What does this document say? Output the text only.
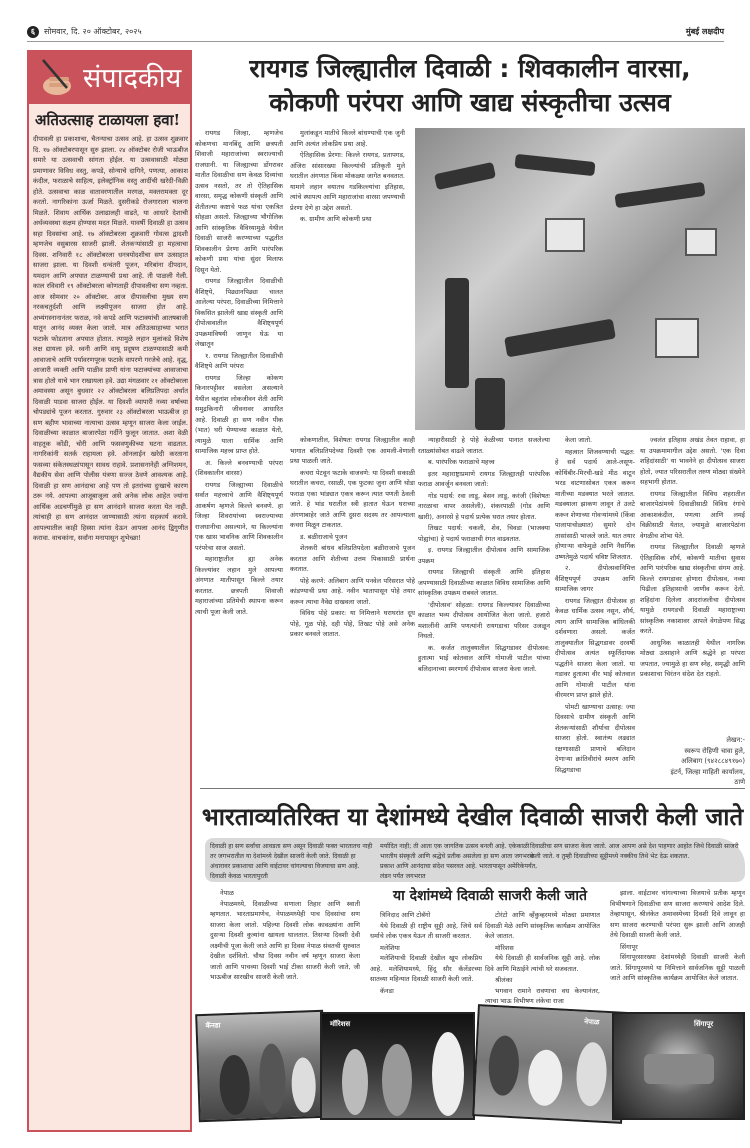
६	सोमवार, दि. २० ऑक्टोबर, २०२५	मुंबई लक्षदीप
संपादकीय
अतिउत्साह टाळायला हवा!
दीपावली हा प्रकाशाचा, चैतन्याचा उत्सव आहे. हा उत्सव शुक्रवार दि. १७ ऑक्टोबरपासून सुरु झाला. २४ ऑक्टोबर रोजी भाऊबीज समारे या उत्सवाची सांगता होईल. या उत्सवासाठी मोठ्या प्रमाणावर विविध वस्तु, कपडे, सोन्याचे दागिने, पणत्या, आकाश कंदील, फराळाचे साहित्य, इलेक्ट्रॉनिक वस्तु आदींची खरेदी-विक्री होते. उत्सवाचा काळ वातावरणातील मरगळ, मक्तरामक्ता दूर करतो. नागरिकांना ऊर्जा मिळते. दुसरीकडे रोजगाराला चालना मिळते. शिवाय आर्थिक उलाढालही वाढते, या आधारे देशाची अर्थव्यवस्था सक्षम होण्यास मदत मिळते. यावर्षी दिवाळी हा उत्सव सहा दिवसांचा आहे. १७ ऑक्टोबरला शुक्रवारी गोवत्स द्वादशी म्हणजेच वसुबारस साजरी झाली. शेतकऱ्यांसाठी हा महत्वाचा दिवस. शनिवारी १८ ऑक्टोबरला धनत्रयोदशीचा सण उत्साहात साजरा झाला. या दिवशी धन्वंतरी पूजन, मरिबांना दीपदान, यमदान आणि अपघात टाळण्याची प्रथा आहे. ती पाळली गेली. काल रविवारी १९ ऑक्टोबरला कोणताही दीपावलीचा सण नव्हता. आज सोमवार २० ऑक्टोबर. आज दीपावलीचा मुख्य सण नरकचतुर्दशी आणि लक्ष्मीपूजन साजरा होत आहे. अभ्यंगस्नानानंतर फराळ, नवे कपडे आणि फटाक्यांची आतषबाजी यातून आनंद व्यक्त केला जातो. मात्र अतिउत्साहाच्या भरात फटाके फोडताना अपघात होतात. त्यामुळे लहान मुलांकडे विशेष लक्ष द्यायला हवे. ध्वनी आणि वायू प्रदूषण टाळण्यासाठी कमी आवाजाचे आणि पर्यावरणपूरक फटाके वापरणे गरजेचे आहे. वृद्ध, आजारी व्यक्ती आणि पाळीव प्राणी यांना फटाक्यांच्या आवाजाचा त्रास होतो याचे भान राखायला हवे. उद्या मंगळवार २१ ऑक्टोबरला अमावस्या असून बुधवार २२ ऑक्टोबरला बलिप्रतिपदा अर्थात दिवाळी पाडवा साजरा होईल. या दिवशी व्यापारी नव्या वर्षाच्या चोपड्यांचे पूजन करतात. गुरुवार २३ ऑक्टोबरला भाऊबीज हा सण बहीण भावाच्या नात्याचा उत्सव म्हणून साजरा केला जाईल. दिवाळीच्या काळात बाजारपेठा गर्दीने फुलून जातात. अशा वेळी वाहतूक कोंडी, चोरी आणि फसवणुकीच्या घटना वाढतात. नागरिकांनी सतर्क राहायला हवे. ऑनलाईन खरेदी करताना फसव्या संकेतस्थळांपासून सावध राहावे. प्रशासनानेही अग्निशमन, वैद्यकीय सेवा आणि पोलीस यंत्रणा सज्ज ठेवणे आवश्यक आहे. दिवाळी हा सण आनंदाचा आहे पण तो इतरांच्या दुःखाचे कारण ठरू नये. आपल्या आजूबाजूला असे अनेक लोक आहेत ज्यांना आर्थिक अडचणींमुळे हा सण आनंदाने साजरा करता येत नाही. त्यांचाही हा सण आनंदात जाण्यासाठी त्यांना सहकार्य करावे. आपल्यातील काही हिस्सा त्यांना देऊन आपला आनंद द्विगुणीत करावा. वाचकांना, सर्वांना मनापासून शुभेच्छा!
रायगड जिल्ह्यातील दिवाळी : शिवकालीन वारसा,
कोकणी परंपरा आणि खाद्य संस्कृतीचा उत्सव

रायगड जिल्हा, म्हणजेच कोकणचा मानबिंदू आणि छत्रपती शिवाजी महाराजांच्या स्वराज्याची राजधानी. या जिल्ह्याच्या डोंगरावर मातीत दिवाळीचा सण केवळ दिव्यांचा उत्सव नसतो, तर तो ऐतिहासिक वारसा, समृद्ध कोकणी संस्कृती आणि शेतीतल्या कष्टाचे फळ यांचा एकत्रित सोहळा असतो. जिल्ह्याच्या भौगोलिक आणि सांस्कृतिक वैविध्यामुळे येथील दिवाळी साजरी करण्याच्या पद्धतीत शिवकालीन प्रेरणा आणि पारंपरिक कोकणी प्रथा यांचा सुंदर मिलाफ दिसून येतो.

रायगड जिल्ह्यातील दिवाळीची वैशिष्ट्ये, पिढ्यानपिढ्या चालत आलेल्या परंपरा, दिवाळीच्या निमित्ताने विकसित झालेली खाद्य संस्कृती आणि दीपोत्सवातील वैशिष्ट्यपूर्ण उपक्रमांविषयी जाणून घेऊ या लेखातून

१. रायगड जिल्ह्यातील दिवाळीची वैशिष्ट्ये आणि परंपरा

रायगड जिल्हा कोकण किनारपट्टीवर वसलेला असल्याने येथील बहुतांश लोकजीवन शेती आणि समुद्रकिनारी जीवनावर आधारित आहे. दिवाळी हा सण नवीन पीक (भात) घरी येण्याच्या काळात येतो, त्यामुळे याला धार्मिक आणि सामाजिक महत्त्व प्राप्त होते.

अ. किल्ले बनवण्याची परंपरा (शिवकालीन वारसा)

रायगड जिल्ह्याच्या दिवाळीचे सर्वात महत्त्वाचे आणि वैशिष्ट्यपूर्ण आकर्षण म्हणजे किल्ले बनवणे. हा जिल्हा शिवरायांच्या स्वराज्याच्या राजधानीचा असल्याने, या किल्ल्यांना एक खास भावनिक आणि शिवकालीन परंपरेचा साज असतो.

महाराष्ट्रातील ह्या अनेक किल्ल्यांवर लहान मुले आपल्या अंगणात मातीपासून किल्ले तयार करतात. छत्रपती शिवाजी महाराजांच्या प्रतिमेची स्थापना करून त्याची पूजा केली जाते.

मुलांकडून मातीचे किल्ले बांधण्याची एक जुनी आणि अत्यंत लोकप्रिय प्रथा आहे.

ऐतिहासिक प्रेरणा: किल्ले रायगड, प्रतापगड, अंजिरा सांसारख्या किल्ल्यांची प्रतिकृती मुले घरातील अंगणात किंवा मोकळ्या जागेत बनवतात. यामागे लहान वयातच गडकिल्ल्यांचा इतिहास, त्यांचे स्थापत्य आणि महाराजांचा वारसा जपण्याची प्रेरणा देणे हा उद्देश असतो.

क. ग्रामीण आणि कोकणी प्रथा

कोकणातील, विशेषतः रायगड जिल्ह्यातील काही भागात बलिप्रतिपदेच्या दिवशी एक आमली-वेणाली प्रथा पाळली जाते.

कचरा पेटवून फटाके वाजवणे: या दिवशी सकाळी घरातील कचरा, रसाळी, एक फुटका जुना आणि थोडा फराळ एका भांड्यात एकत्र करून त्यात पणती ठेवली जाते. हे भांड घरातील स्त्री हातात घेऊन घराच्या अंगणाबाहेर जाते आणि दुसरा सदस्य तर आपल्याला कचरा मिळून टाकतात.

ड. बळीराजाचे पूजन

शेतकरी बांधव बलिप्रतिपदेला बळीराजाचे पूजन करतात आणि शेतीच्या उत्तम पिकासाठी प्रार्थना करतात.

पोहे करणे: अलिबाग आणि पनवेल परिसरात पोहे कांडण्याची प्रथा आहे. नवीन भातापासून पोहे तयार करून त्याचा नैवेद्य दाखवला जातो.

विविध पोहे प्रकार: या निमित्ताने घराघरांत दूध पोहे, गूळ पोहे, दही पोहे, तिखट पोहे असे अनेक प्रकार बनवले जातात.

न्याहारीसाठी हे पोहे केळीच्या पानात सजलेल्या रताळ्यांसोबत वाढले जातात.

ब. पारंपरिक फराळाचे महत्त्व

इतर महाराष्ट्राप्रमाणे रायगड जिल्ह्यातही पारंपरिक फराळ आवर्जून बनवला जातो:

गोड पदार्थ: रवा लाडू, बेसन लाडू, करंजी (विशेषतः नारळाचा वापर असलेली), शंकरपाळी (गोड आणि खारी), अनारसे हे पदार्थ प्रत्येक घरात तयार होतात.

तिखट पदार्थ: चकली, शेव, चिवडा (भाजक्या पोह्यांचा) हे पदार्थ फराळाची रंगत वाढवतात.

इ. रायगड जिल्ह्यातील दीपोत्सव आणि सामाजिक उपक्रम

रायगड जिल्ह्याची संस्कृती आणि इतिहास जपण्यासाठी दिवाळीच्या काळात विविध सामाजिक आणि सांस्कृतिक उपक्रम राबवले जातात.

'दीपोत्सव' सोहळा: रायगड किल्ल्यावर दिवाळीच्या काळात भव्य दीपोत्सव आयोजित केला जातो. हजारो मशालींनी आणि पणत्यांनी रायगडाचा परिसर उजळून निघतो.

क. कर्जत तालुक्यातील सिद्धगडावर दीपोत्सव: हुतात्मा भाई कोतवाल आणि गोमाजी पाटील यांच्या बलिदानाच्या स्मरणार्थ दीपोत्सव साजरा केला जातो.

केला जातो.

महत्वात शिजवण्याची पद्धत: हे सर्व पदार्थ आले-लसूण-कोथिंबीर-मिरची-खडे मीठ वाटून भरड वाटणासोबत एकत्र करून मातीच्या मडक्यात भरले जातात. मडक्याला झाकण लावून ते उलटे करून शेणाच्या गोवऱ्यांमध्ये (किंवा पालापाचोळ्यात) सुमारे दोन तासांसाठी भाजले जाते. यात तयार होणाऱ्या वाफेमुळे आणि नैसर्गिक उष्णतेमुळे पदार्थ चविष्ट शिजतात.

२. दीपोत्सवानिमित्त वैशिष्ट्यपूर्ण उपक्रम आणि सामाजिक जागर

रायगड जिल्ह्यात दीपोत्सव हा केवळ धार्मिक उत्सव नसून, शौर्य, त्याग आणि सामाजिक बांधिलकी दर्शवणारा असतो. कर्जत तालुक्यातील सिद्धगडावर दरवर्षी दीपोत्सव अत्यंत स्फूर्तिदायक पद्धतीने साजरा केला जातो. या गडावर हुतात्मा वीर भाई कोतवाल आणि गोमाजी पाटील यांना वीरमरण प्राप्त झाले होते.

पोमटी खाण्याचा उत्साह: ज्या दिवसाचे ग्रामीण संस्कृती आणि शेतकऱ्यांसाठी शौर्याचा दीपोत्सव साजरा होतो. स्वातंत्र्य लढ्यात रक्षणासाठी प्राणाचे बलिदान देणाऱ्या क्रांतिवीरांचे स्मरण आणि सिद्धगडाचा

ज्वलंत इतिहास अखंड तेवत राहावा, हा या उपक्रमामागील उद्देश असतो. 'एक दिवा शहिदांसाठी' या भावनेने हा दीपोत्सव साजरा होतो, ज्यात परिसरातील तरुण मोठ्या संख्येने सहभागी होतात.

रायगड जिल्ह्यातील विविध शहरातील बाजारपेठांमध्ये दिवाळीसाठी विविध रंगांचे आकाशकंदील, पणत्या आणि लमई विक्रीसाठी येतात, ज्यामुळे बाजारपेठांना वेगळीच शोभा येते.

रायगड जिल्ह्यातील दिवाळी म्हणजे ऐतिहासिक शौर्य, कोकणी मातीचा सुवास आणि पारंपरिक खाद्य संस्कृतीचा संगम आहे. किल्ले रायगडावर होणारा दीपोत्सव, नव्या पिढीला इतिहासाची जाणीव करून देतो. शहिदांना दिलेला आदरांजलीचा दीपोत्सव यामुळे रायगडची दिवाळी महाराष्ट्राच्या सांस्कृतिक नकाशावर आपले वेगळेपण सिद्ध करते.

आधुनिक काळातही येथील नागरिक मोठ्या उत्साहाने आणि श्रद्धेने हा परंपरा जपतात, ज्यामुळे हा सण स्नेह, समृद्धी आणि प्रकाशाचा चिरंतन संदेश देत राहतो.

लेखन:-
स्वरूप रोहिणी चावा हुले,
अलिबाग (९४२८८४९१७०)
इंटर्न, जिल्हा माहिती कार्यालय,
ठाणे
भारताव्यतिरिक्त या देशांमध्ये देखील दिवाळी साजरी केली जाते
दिवाळी हा सण सर्वांचा आवडता सण असून दिवाळी फक्त भारतातच नाही तर जगभरातील या देशांमध्ये देखील साजरी केली जाते. दिवाळी हा अंधारावर प्रकाशाचा आणि वाईटावर चांगल्याचा विजयाचा सण आहे. दिवाळी केवळ भारतापुरती
मर्यादित नाही; ती आता एक जागतिक उत्सव बनली आहे. एकेकाळी भारतीय संस्कृती आणि श्रद्धेचे प्रतीक असलेला हा सण आता जगभरात प्रकाश आणि आनंदाचा संदेश पसरवत आहे. भारतापासून अमेरिकेपर्यंत, लंडन पर्यंत जगभरात
दिवाळीचा सण साजरा केला जातो. आज आपण असे देश पाहणार आहोत जिथे दिवाळी साजरी केली जाते. व तुम्ही दिवाळीच्या सुट्टीमध्ये नक्कीच तिथे भेट देऊ शकतात.
या देशांमध्ये दिवाळी साजरी केली जाते
नेपाळ

नेपाळमध्ये, दिवाळीच्या सणाला तिहार आणि स्वाती म्हणतात. भारताप्रमाणेच, नेपाळमध्येही पाच दिवसांचा सण साजरा केला जातो. पहिल्या दिवशी लोक कावळ्यांना आणि दुसऱ्या दिवशी कुत्र्यांना खायला घालतात. तिसऱ्या दिवशी देवी लक्ष्मीची पूजा केली जाते आणि हा दिवस नेपाळ संवतची सुरुवात देखील दर्शवितो. चौथा दिवस नवीन वर्ष म्हणून साजरा केला जातो आणि पाचव्या दिवशी भाई टीका साजरी केली जाते, जी भाऊबीज सारखीच साजरी केली जाते.

त्रिनिदाद आणि टोबॅगो

येथे दिवाळी ही राष्ट्रीय सुट्टी आहे, जिथे सर्व धर्माचे लोक एकत्र येऊन ती साजरी करतात.

मलेशिया

मलेशियाची दिवाळी देखील खूप लोकप्रिय आहे. मलेशियामध्ये, हिंदू सौर कॅलेंडरच्या सातव्या महिन्यात दिवाळी साजरी केली जाते.

कॅनडा

टोरंटो आणि व्हॅंकुव्हरमध्ये मोठ्या प्रमाणात दिवाळी मेळे आणि सांस्कृतिक कार्यक्रम आयोजित केले जातात.

मॉरिशस

येथे दिवाळी ही सार्वजनिक सुट्टी आहे. लोक दिवे आणि मिठाईने त्यांची घरे सजवतात.

श्रीलंका

भगवान रामाने रावणाचा वध केल्यानंतर, त्याचा भाऊ विभीषण लंकेचा राजा

झाला. वाईटावर चांगल्याच्या विजयाचे प्रतीक म्हणून विभीषणाने दिवाळीचा सण साजरा करण्याचे आदेश दिले. तेव्हापासून, श्रीलंकेत अमावस्येच्या दिवशी दिवे लावून हा सण साजरा करण्याची परंपरा सुरू झाली आणि आजही तेथे दिवाळी साजरी केली जाते.

सिंगापूर

सिंगापूरसारख्या देशांमध्येही दिवाळी साजरी केली जाते. सिंगापूरमध्ये या निमित्ताने सार्वजनिक सुट्टी पाळली जाते आणि सांस्कृतिक कार्यक्रम आयोजित केले जातात.

कॅनडा	मॉरिशस	नेपाळ	सिंगापूर
